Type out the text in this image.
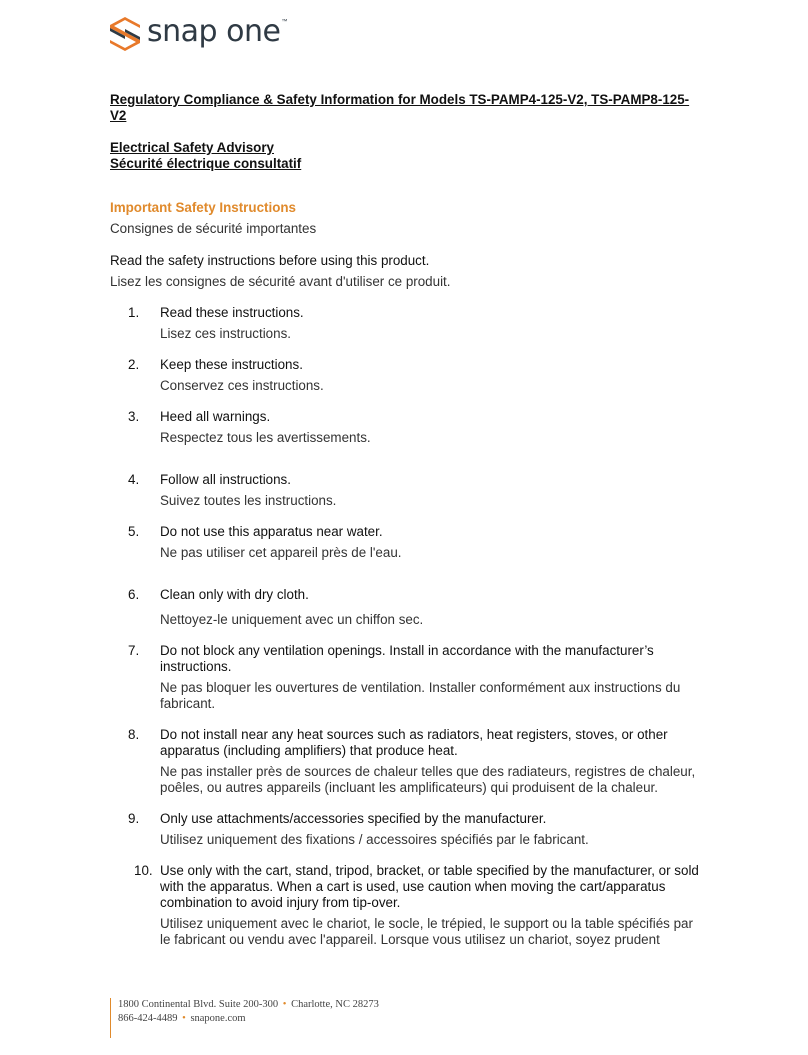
snap one ™

Regulatory Compliance & Safety Information for Models TS-PAMP4-125-V2, TS-PAMP8-125-V2

Electrical Safety Advisory
Sécurité électrique consultatif
Important Safety Instructions
Consignes de sécurité importantes
Read the safety instructions before using this product.
Lisez les consignes de sécurité avant d'utiliser ce produit.
1.	Read these instructions.
Lisez ces instructions.
2.	Keep these instructions.
Conservez ces instructions.
3.	Heed all warnings.
Respectez tous les avertissements.
4.	Follow all instructions.
Suivez toutes les instructions.
5.	Do not use this apparatus near water.
Ne pas utiliser cet appareil près de l'eau.
6.	Clean only with dry cloth.
Nettoyez-le uniquement avec un chiffon sec.
7.	Do not block any ventilation openings. Install in accordance with the manufacturer’s instructions.
Ne pas bloquer les ouvertures de ventilation. Installer conformément aux instructions du fabricant.
8.	Do not install near any heat sources such as radiators, heat registers, stoves, or other apparatus (including amplifiers) that produce heat.
Ne pas installer près de sources de chaleur telles que des radiateurs, registres de chaleur, poêles, ou autres appareils (incluant les amplificateurs) qui produisent de la chaleur.
9.	Only use attachments/accessories specified by the manufacturer.
Utilisez uniquement des fixations / accessoires spécifiés par le fabricant.
10. Use only with the cart, stand, tripod, bracket, or table specified by the manufacturer, or sold with the apparatus. When a cart is used, use caution when moving the cart/apparatus combination to avoid injury from tip-over.
Utilisez uniquement avec le chariot, le socle, le trépied, le support ou la table spécifiés par le fabricant ou vendu avec l'appareil. Lorsque vous utilisez un chariot, soyez prudent
1800 Continental Blvd. Suite 200-300 • Charlotte, NC 28273
866-424-4489 • snapone.com
